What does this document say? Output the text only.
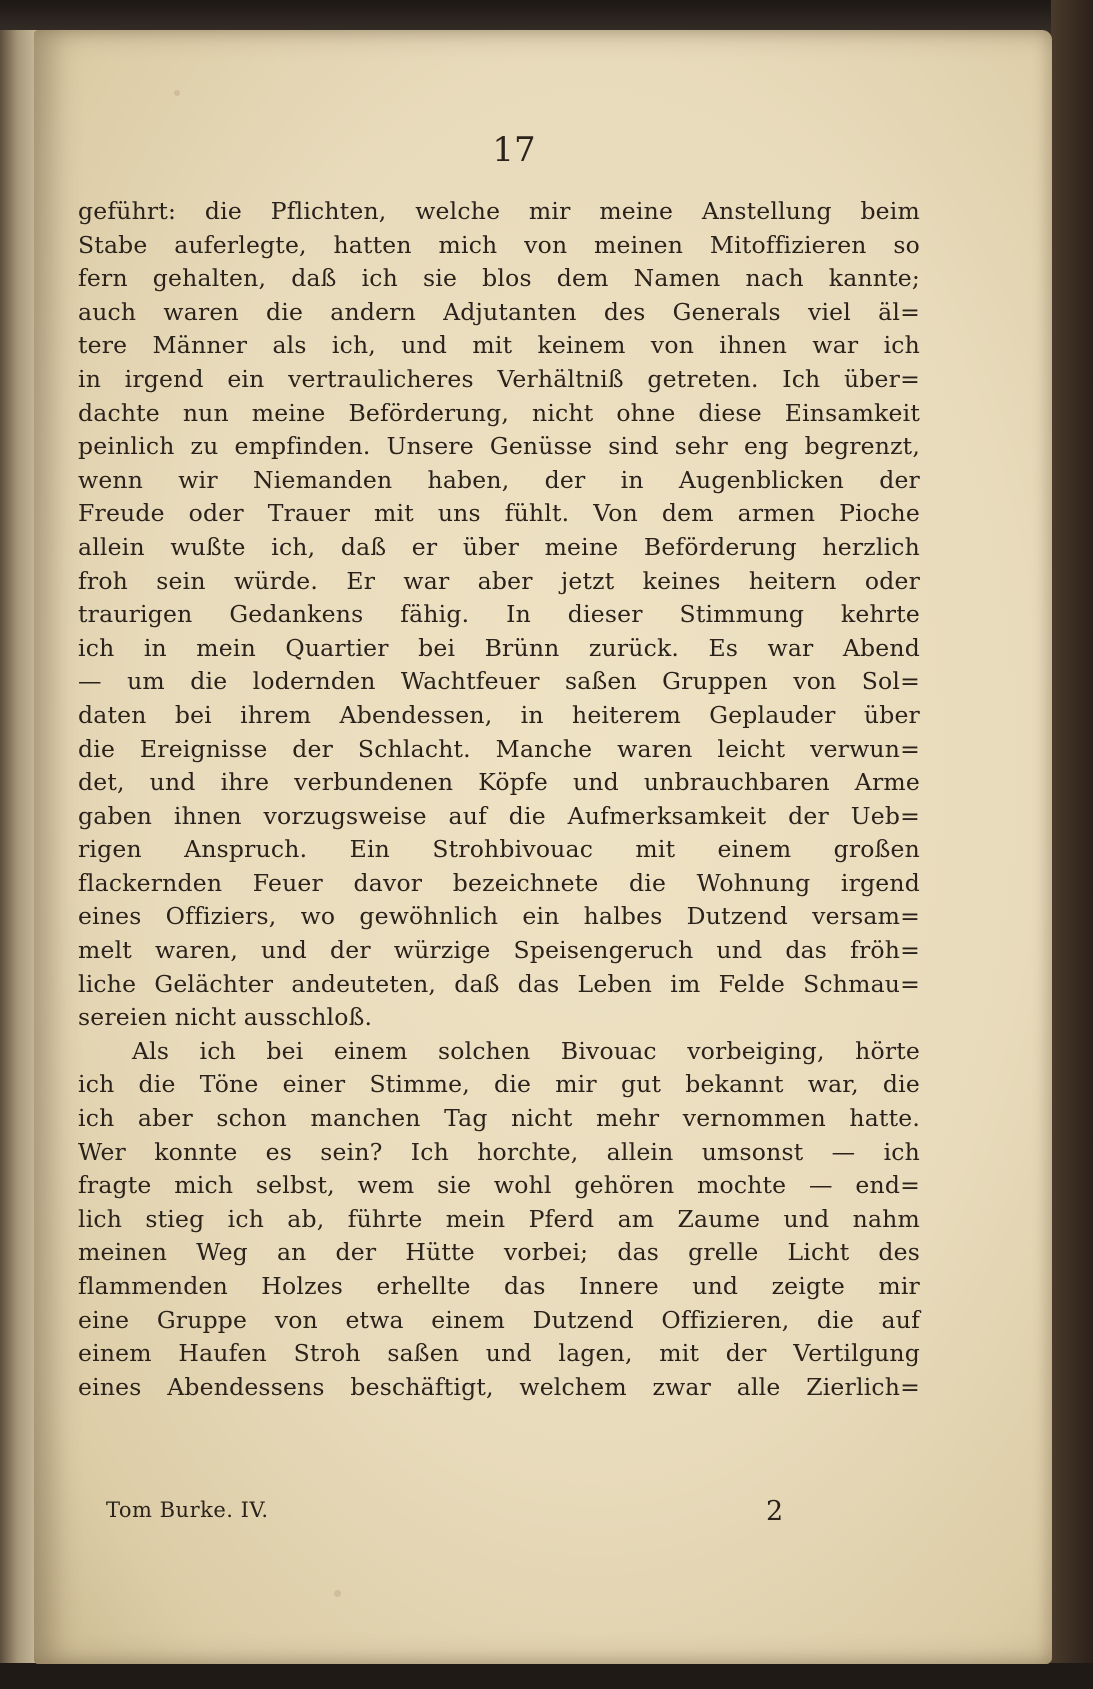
17
geführt: die Pflichten, welche mir meine Anstellung beim
Stabe auferlegte, hatten mich von meinen Mitoffizieren so
fern gehalten, daß ich sie blos dem Namen nach kannte;
auch waren die andern Adjutanten des Generals viel äl=
tere Männer als ich, und mit keinem von ihnen war ich
in irgend ein vertraulicheres Verhältniß getreten. Ich über=
dachte nun meine Beförderung, nicht ohne diese Einsamkeit
peinlich zu empfinden. Unsere Genüsse sind sehr eng begrenzt,
wenn wir Niemanden haben, der in Augenblicken der
Freude oder Trauer mit uns fühlt. Von dem armen Pioche
allein wußte ich, daß er über meine Beförderung herzlich
froh sein würde. Er war aber jetzt keines heitern oder
traurigen Gedankens fähig. In dieser Stimmung kehrte
ich in mein Quartier bei Brünn zurück. Es war Abend
— um die lodernden Wachtfeuer saßen Gruppen von Sol=
daten bei ihrem Abendessen, in heiterem Geplauder über
die Ereignisse der Schlacht. Manche waren leicht verwun=
det, und ihre verbundenen Köpfe und unbrauchbaren Arme
gaben ihnen vorzugsweise auf die Aufmerksamkeit der Ueb=
rigen Anspruch. Ein Strohbivouac mit einem großen
flackernden Feuer davor bezeichnete die Wohnung irgend
eines Offiziers, wo gewöhnlich ein halbes Dutzend versam=
melt waren, und der würzige Speisengeruch und das fröh=
liche Gelächter andeuteten, daß das Leben im Felde Schmau=
sereien nicht ausschloß.
Als ich bei einem solchen Bivouac vorbeiging, hörte
ich die Töne einer Stimme, die mir gut bekannt war, die
ich aber schon manchen Tag nicht mehr vernommen hatte.
Wer konnte es sein? Ich horchte, allein umsonst — ich
fragte mich selbst, wem sie wohl gehören mochte — end=
lich stieg ich ab, führte mein Pferd am Zaume und nahm
meinen Weg an der Hütte vorbei; das grelle Licht des
flammenden Holzes erhellte das Innere und zeigte mir
eine Gruppe von etwa einem Dutzend Offizieren, die auf
einem Haufen Stroh saßen und lagen, mit der Vertilgung
eines Abendessens beschäftigt, welchem zwar alle Zierlich=
Tom Burke. IV.	2
